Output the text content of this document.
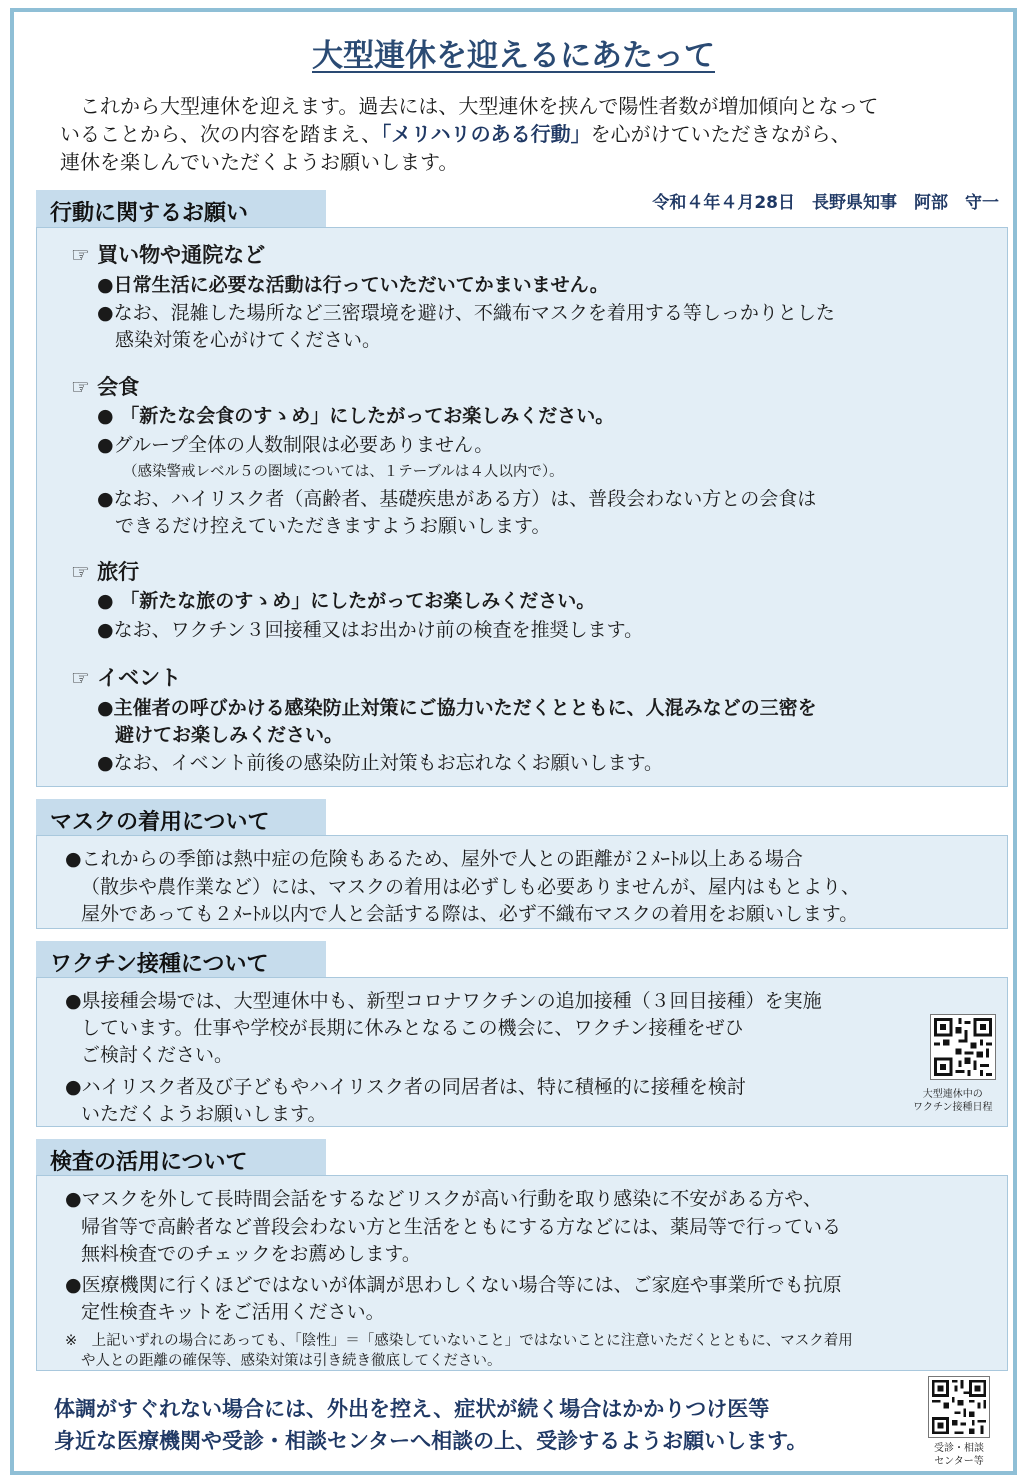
大型連休を迎えるにあたって
　これから大型連休を迎えます。過去には、大型連休を挟んで陽性者数が増加傾向となって
いることから、次の内容を踏まえ、「メリハリのある行動」を心がけていただきながら、
連休を楽しんでいただくようお願いします。
令和４年４月28日　長野県知事　阿部　守一
行動に関するお願い
☞ 買い物や通院など
●日常生活に必要な活動は行っていただいてかまいません。
●なお、混雑した場所など三密環境を避け、不織布マスクを着用する等しっかりとした
感染対策を心がけてください。
☞ 会食
● 「新たな会食のすゝめ」にしたがってお楽しみください。
●グループ全体の人数制限は必要ありません。
（感染警戒レベル５の圏域については、１テーブルは４人以内で）。
●なお、ハイリスク者（高齢者、基礎疾患がある方）は、普段会わない方との会食は
できるだけ控えていただきますようお願いします。
☞ 旅行
● 「新たな旅のすゝめ」にしたがってお楽しみください。
●なお、ワクチン３回接種又はお出かけ前の検査を推奨します。
☞ イベント
●主催者の呼びかける感染防止対策にご協力いただくとともに、人混みなどの三密を
避けてお楽しみください。
●なお、イベント前後の感染防止対策もお忘れなくお願いします。
マスクの着用について
●これからの季節は熱中症の危険もあるため、屋外で人との距離が２ﾒｰﾄﾙ以上ある場合
（散歩や農作業など）には、マスクの着用は必ずしも必要ありませんが、屋内はもとより、
屋外であっても２ﾒｰﾄﾙ以内で人と会話する際は、必ず不織布マスクの着用をお願いします。
ワクチン接種について
●県接種会場では、大型連休中も、新型コロナワクチンの追加接種（３回目接種）を実施
しています。仕事や学校が長期に休みとなるこの機会に、ワクチン接種をぜひ
ご検討ください。
●ハイリスク者及び子どもやハイリスク者の同居者は、特に積極的に接種を検討
いただくようお願いします。
大型連休中の
ワクチン接種日程
検査の活用について
●マスクを外して長時間会話をするなどリスクが高い行動を取り感染に不安がある方や、
帰省等で高齢者など普段会わない方と生活をともにする方などには、薬局等で行っている
無料検査でのチェックをお薦めします。
●医療機関に行くほどではないが体調が思わしくない場合等には、ご家庭や事業所でも抗原
定性検査キットをご活用ください。
※　上記いずれの場合にあっても、「陰性」＝「感染していないこと」ではないことに注意いただくとともに、マスク着用
や人との距離の確保等、感染対策は引き続き徹底してください。
体調がすぐれない場合には、外出を控え、症状が続く場合はかかりつけ医等
身近な医療機関や受診・相談センターへ相談の上、受診するようお願いします。	受診・相談
センター等
